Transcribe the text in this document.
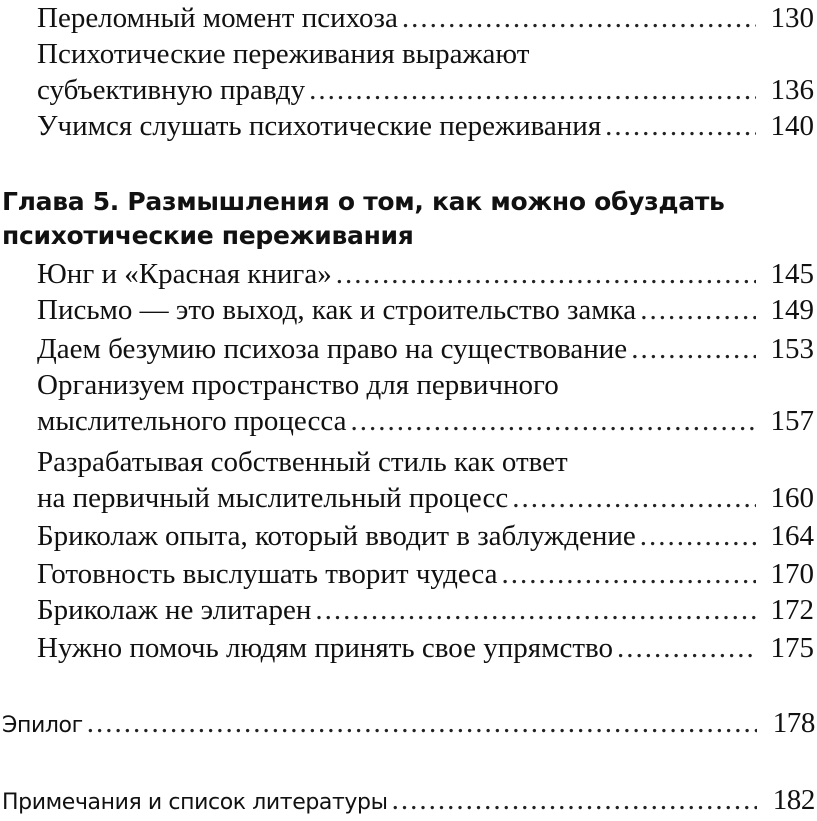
Переломный момент психоза .....	130
Психотические переживания выражают
субъективную правду .....	136
Учимся слушать психотические переживания .....	140
Глава 5. Размышления о том, как можно обуздать
психотические переживания
Юнг и «Красная книга» .....	145
Письмо — это выход, как и строительство замка .....	149
Даем безумию психоза право на существование .....	153
Организуем пространство для первичного
мыслительного процесса .....	157
Разрабатывая собственный стиль как ответ
на первичный мыслительный процесс .....	160
Бриколаж опыта, который вводит в заблуждение .....	164
Готовность выслушать творит чудеса .....	170
Бриколаж не элитарен .....	172
Нужно помочь людям принять свое упрямство .....	175
Эпилог .....	178
Примечания и список литературы .....	182
